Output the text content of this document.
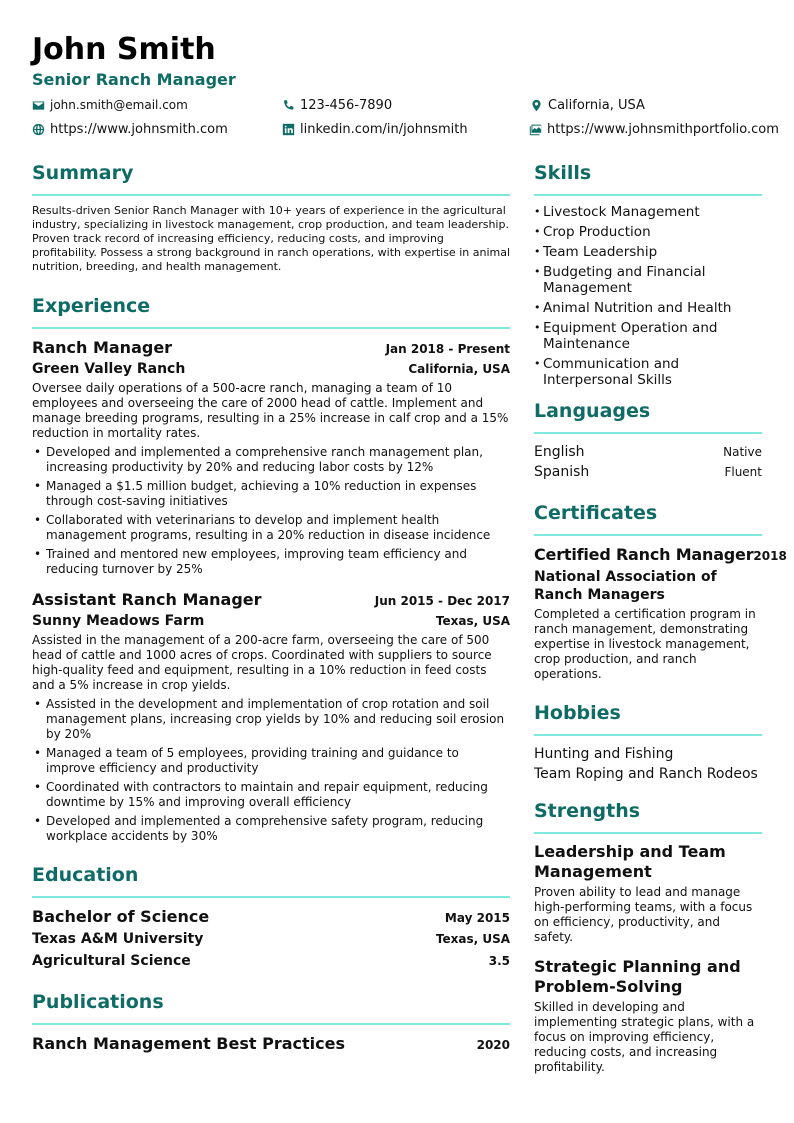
John Smith
Senior Ranch Manager
john.smith@email.com	123-456-7890	California, USA
https://www.johnsmith.com	linkedin.com/in/johnsmith	https://www.johnsmithportfolio.com
Summary
Results-driven Senior Ranch Manager with 10+ years of experience in the agricultural industry, specializing in livestock management, crop production, and team leadership. Proven track record of increasing efficiency, reducing costs, and improving profitability. Possess a strong background in ranch operations, with expertise in animal nutrition, breeding, and health management.
Experience
Ranch Manager	Jan 2018 - Present
Green Valley Ranch	California, USA
Oversee daily operations of a 500-acre ranch, managing a team of 10 employees and overseeing the care of 2000 head of cattle. Implement and manage breeding programs, resulting in a 25% increase in calf crop and a 15% reduction in mortality rates.
• Developed and implemented a comprehensive ranch management plan, increasing productivity by 20% and reducing labor costs by 12%
• Managed a $1.5 million budget, achieving a 10% reduction in expenses through cost-saving initiatives
• Collaborated with veterinarians to develop and implement health management programs, resulting in a 20% reduction in disease incidence
• Trained and mentored new employees, improving team efficiency and reducing turnover by 25%
Assistant Ranch Manager	Jun 2015 - Dec 2017
Sunny Meadows Farm	Texas, USA
Assisted in the management of a 200-acre farm, overseeing the care of 500 head of cattle and 1000 acres of crops. Coordinated with suppliers to source high-quality feed and equipment, resulting in a 10% reduction in feed costs and a 5% increase in crop yields.
• Assisted in the development and implementation of crop rotation and soil management plans, increasing crop yields by 10% and reducing soil erosion by 20%
• Managed a team of 5 employees, providing training and guidance to improve efficiency and productivity
• Coordinated with contractors to maintain and repair equipment, reducing downtime by 15% and improving overall efficiency
• Developed and implemented a comprehensive safety program, reducing workplace accidents by 30%
Education
Bachelor of Science	May 2015
Texas A&M University	Texas, USA
Agricultural Science	3.5
Publications
Ranch Management Best Practices	2020
Skills
• Livestock Management
• Crop Production
• Team Leadership
• Budgeting and Financial Management
• Animal Nutrition and Health
• Equipment Operation and Maintenance
• Communication and Interpersonal Skills
Languages
English	Native
Spanish	Fluent
Certificates
Certified Ranch Manager 2018
National Association of Ranch Managers
Completed a certification program in ranch management, demonstrating expertise in livestock management, crop production, and ranch operations.
Hobbies
Hunting and Fishing
Team Roping and Ranch Rodeos
Strengths
Leadership and Team Management
Proven ability to lead and manage high-performing teams, with a focus on efficiency, productivity, and safety.
Strategic Planning and Problem-Solving
Skilled in developing and implementing strategic plans, with a focus on improving efficiency, reducing costs, and increasing profitability.
